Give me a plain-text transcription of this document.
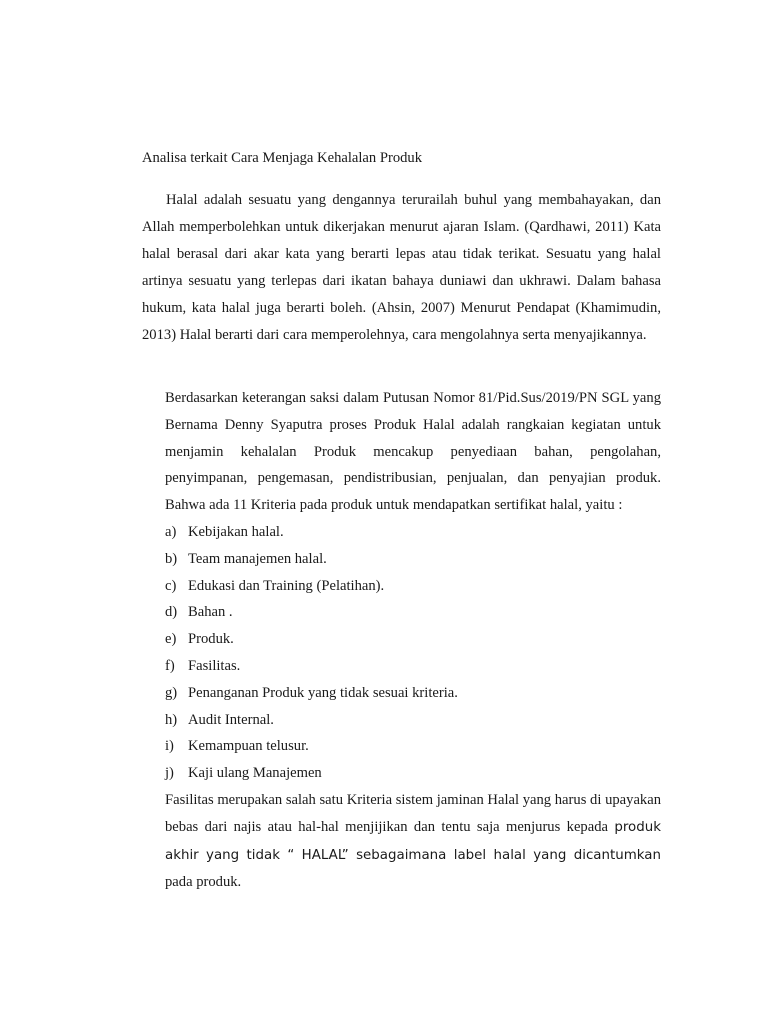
Analisa terkait Cara Menjaga Kehalalan Produk

Halal adalah sesuatu yang dengannya terurailah buhul yang membahayakan, dan Allah memperbolehkan untuk dikerjakan menurut ajaran Islam. (Qardhawi, 2011) Kata halal berasal dari akar kata yang berarti lepas atau tidak terikat. Sesuatu yang halal artinya sesuatu yang terlepas dari ikatan bahaya duniawi dan ukhrawi. Dalam bahasa hukum, kata halal juga berarti boleh. (Ahsin, 2007) Menurut Pendapat (Khamimudin, 2013) Halal berarti dari cara memperolehnya, cara mengolahnya serta menyajikannya.

Berdasarkan keterangan saksi dalam Putusan Nomor 81/Pid.Sus/2019/PN SGL yang Bernama Denny Syaputra proses Produk Halal adalah rangkaian kegiatan untuk menjamin kehalalan Produk mencakup penyediaan bahan, pengolahan, penyimpanan, pengemasan, pendistribusian, penjualan, dan penyajian produk. Bahwa ada 11 Kriteria pada produk untuk mendapatkan sertifikat halal, yaitu :

a) Kebijakan halal.
b) Team manajemen halal.
c) Edukasi dan Training (Pelatihan).
d) Bahan .
e) Produk.
f) Fasilitas.
g) Penanganan Produk yang tidak sesuai kriteria.
h) Audit Internal.
i) Kemampuan telusur.
j) Kaji ulang Manajemen

Fasilitas merupakan salah satu Kriteria sistem jaminan Halal yang harus di upayakan bebas dari najis atau hal-hal menjijikan dan tentu saja menjurus kepada produk akhir yang tidak “ HALAL” sebagaimana label halal yang dicantumkan pada produk.
